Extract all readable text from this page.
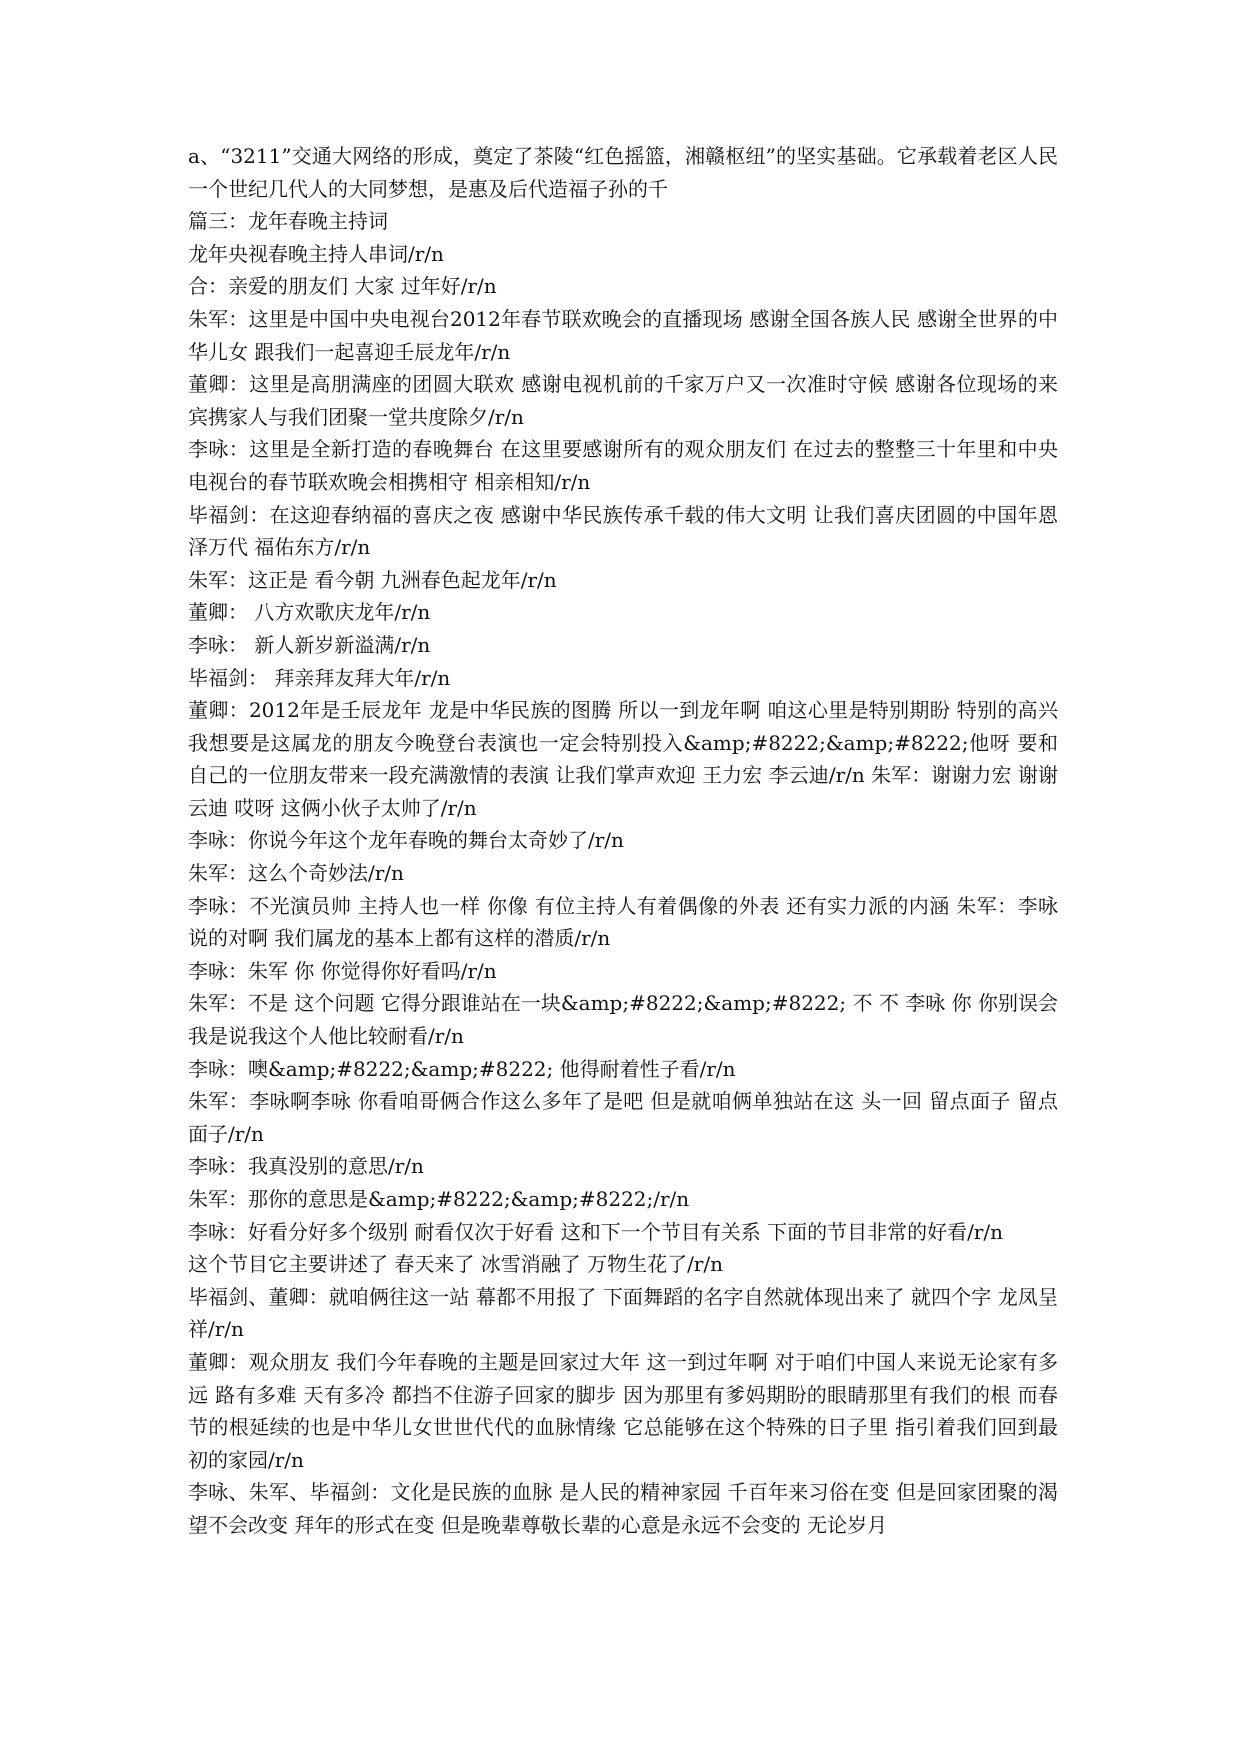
a、“3211”交通大网络的形成，奠定了茶陵“红色摇篮，湘赣枢纽”的坚实基础。它承载着老区人民一个世纪几代人的大同梦想，是惠及后代造福子孙的千

篇三：龙年春晚主持词

龙年央视春晚主持人串词/r/n

合：亲爱的朋友们 大家 过年好/r/n

朱军：这里是中国中央电视台2012年春节联欢晚会的直播现场 感谢全国各族人民 感谢全世界的中华儿女 跟我们一起喜迎壬辰龙年/r/n

董卿：这里是高朋满座的团圆大联欢 感谢电视机前的千家万户又一次准时守候 感谢各位现场的来宾携家人与我们团聚一堂共度除夕/r/n

李咏：这里是全新打造的春晚舞台 在这里要感谢所有的观众朋友们 在过去的整整三十年里和中央电视台的春节联欢晚会相携相守 相亲相知/r/n

毕福剑：在这迎春纳福的喜庆之夜 感谢中华民族传承千载的伟大文明 让我们喜庆团圆的中国年恩泽万代 福佑东方/r/n

朱军：这正是 看今朝 九洲春色起龙年/r/n

董卿： 八方欢歌庆龙年/r/n

李咏： 新人新岁新溢满/r/n

毕福剑： 拜亲拜友拜大年/r/n

董卿：2012年是壬辰龙年 龙是中华民族的图腾 所以一到龙年啊 咱这心里是特别期盼 特别的高兴 我想要是这属龙的朋友今晚登台表演也一定会特别投入&amp;#8222;&amp;#8222;他呀 要和自己的一位朋友带来一段充满激情的表演 让我们掌声欢迎 王力宏 李云迪/r/n 朱军：谢谢力宏 谢谢云迪 哎呀 这俩小伙子太帅了/r/n

李咏：你说今年这个龙年春晚的舞台太奇妙了/r/n

朱军：这么个奇妙法/r/n

李咏：不光演员帅 主持人也一样 你像 有位主持人有着偶像的外表 还有实力派的内涵 朱军：李咏说的对啊 我们属龙的基本上都有这样的潜质/r/n

李咏：朱军 你 你觉得你好看吗/r/n

朱军：不是 这个问题 它得分跟谁站在一块&amp;#8222;&amp;#8222; 不 不 李咏 你 你别误会 我是说我这个人他比较耐看/r/n

李咏：噢&amp;#8222;&amp;#8222; 他得耐着性子看/r/n

朱军：李咏啊李咏 你看咱哥俩合作这么多年了是吧 但是就咱俩单独站在这 头一回 留点面子 留点面子/r/n

李咏：我真没别的意思/r/n

朱军：那你的意思是&amp;#8222;&amp;#8222;/r/n

李咏：好看分好多个级别 耐看仅次于好看 这和下一个节目有关系 下面的节目非常的好看/r/n

这个节目它主要讲述了 春天来了 冰雪消融了 万物生花了/r/n

毕福剑、董卿：就咱俩往这一站 幕都不用报了 下面舞蹈的名字自然就体现出来了 就四个字 龙凤呈祥/r/n

董卿：观众朋友 我们今年春晚的主题是回家过大年 这一到过年啊 对于咱们中国人来说无论家有多远 路有多难 天有多冷 都挡不住游子回家的脚步 因为那里有爹妈期盼的眼睛那里有我们的根 而春节的根延续的也是中华儿女世世代代的血脉情缘 它总能够在这个特殊的日子里 指引着我们回到最初的家园/r/n

李咏、朱军、毕福剑：文化是民族的血脉 是人民的精神家园 千百年来习俗在变 但是回家团聚的渴望不会改变 拜年的形式在变 但是晚辈尊敬长辈的心意是永远不会变的 无论岁月
